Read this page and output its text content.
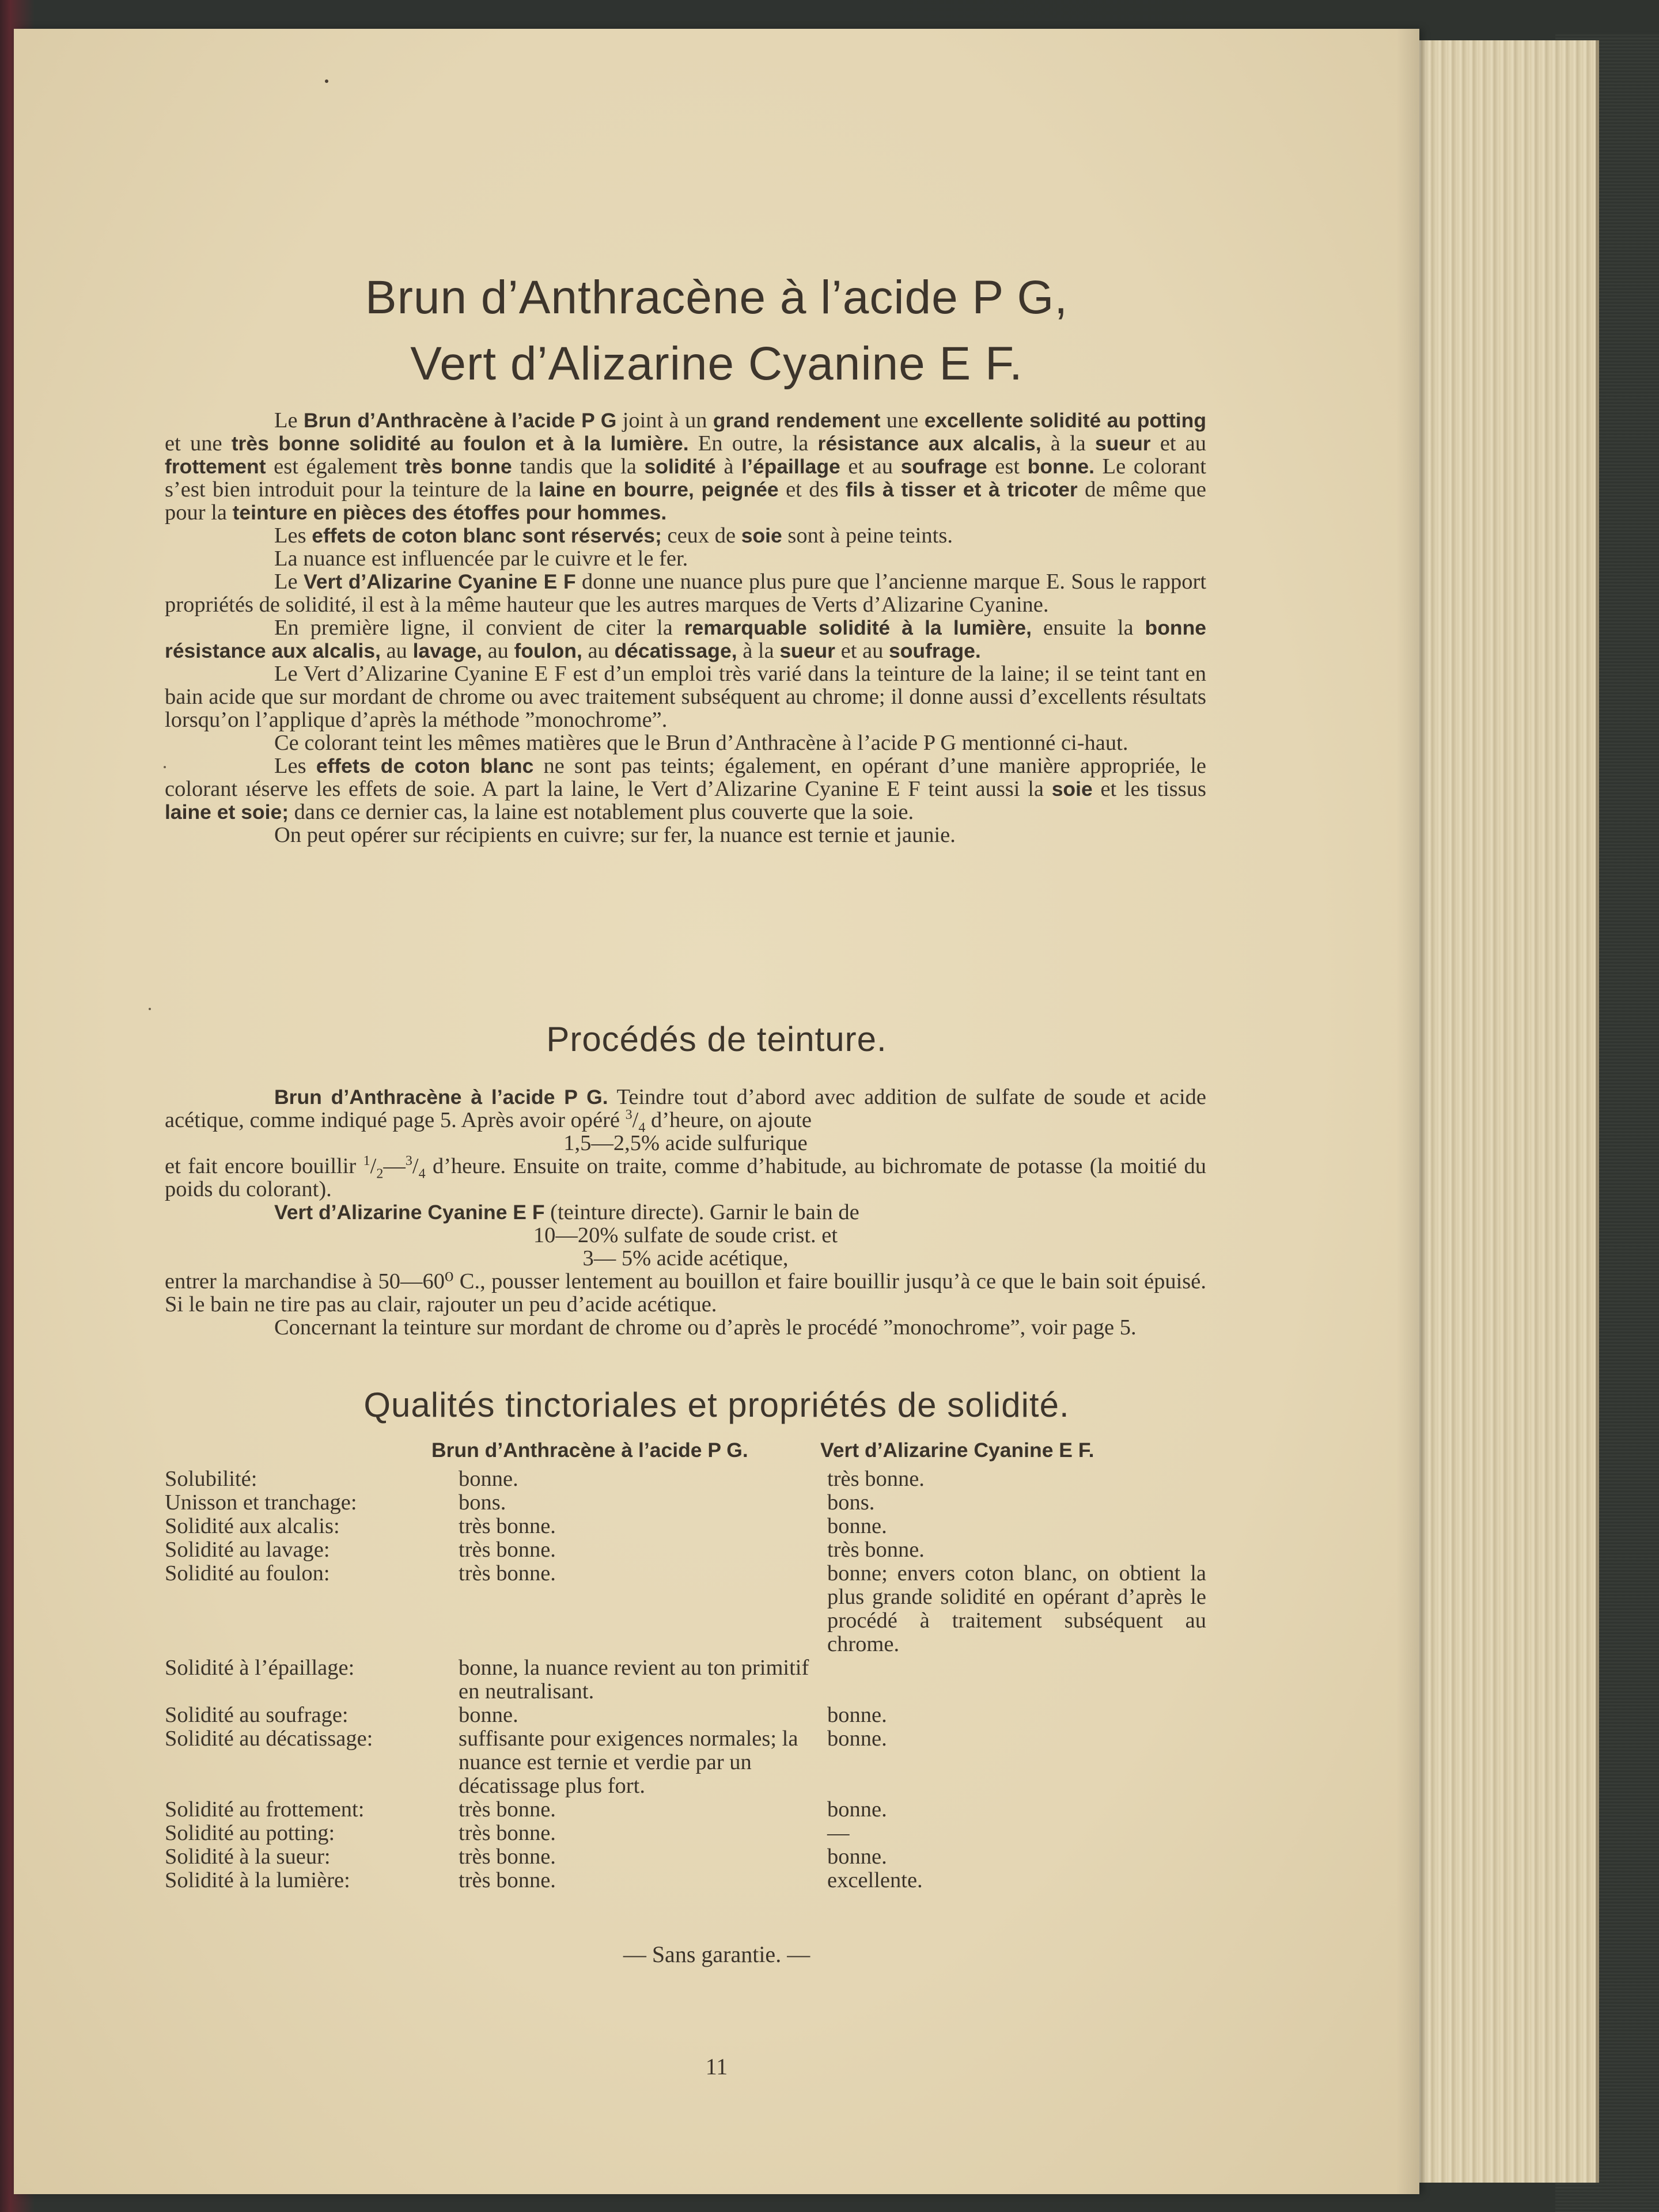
Brun d’Anthracène à l’acide P G,
Vert d’Alizarine Cyanine E F.

Le Brun d’Anthracène à l’acide P G joint à un grand rendement une excellente solidité au potting et une très bonne solidité au foulon et à la lumière. En outre, la résistance aux alcalis, à la sueur et au frottement est également très bonne tandis que la solidité à l’épaillage et au soufrage est bonne. Le colorant s’est bien introduit pour la teinture de la laine en bourre, peignée et des fils à tisser et à tricoter de même que pour la teinture en pièces des étoffes pour hommes.

Les effets de coton blanc sont réservés; ceux de soie sont à peine teints.

La nuance est influencée par le cuivre et le fer.

Le Vert d’Alizarine Cyanine E F donne une nuance plus pure que l’ancienne marque E. Sous le rapport propriétés de solidité, il est à la même hauteur que les autres marques de Verts d’Alizarine Cyanine.

En première ligne, il convient de citer la remarquable solidité à la lumière, ensuite la bonne résistance aux alcalis, au lavage, au foulon, au décatissage, à la sueur et au soufrage.

Le Vert d’Alizarine Cyanine E F est d’un emploi très varié dans la teinture de la laine; il se teint tant en bain acide que sur mordant de chrome ou avec traitement subséquent au chrome; il donne aussi d’excellents résultats lorsqu’on l’applique d’après la méthode ”monochrome”.

Ce colorant teint les mêmes matières que le Brun d’Anthracène à l’acide P G mentionné ci-haut.

Les effets de coton blanc ne sont pas teints; également, en opérant d’une manière appropriée, le colorant ıéserve les effets de soie. A part la laine, le Vert d’Alizarine Cyanine E F teint aussi la soie et les tissus laine et soie; dans ce dernier cas, la laine est notablement plus couverte que la soie.

On peut opérer sur récipients en cuivre; sur fer, la nuance est ternie et jaunie.

Procédés de teinture.

Brun d’Anthracène à l’acide P G. Teindre tout d’abord avec addition de sulfate de soude et acide acétique, comme indiqué page 5. Après avoir opéré $^3/_4$ d’heure, on ajoute

1,5—2,5% acide sulfurique

et fait encore bouillir $^1/_2—^3/_4$ d’heure. Ensuite on traite, comme d’habitude, au bichromate de potasse (la moitié du poids du colorant).

Vert d’Alizarine Cyanine E F (teinture directe). Garnir le bain de

10—20% sulfate de soude crist. et

3— 5% acide acétique,

entrer la marchandise à 50—60⁰ C., pousser lentement au bouillon et faire bouillir jusqu’à ce que le bain soit épuisé. Si le bain ne tire pas au clair, rajouter un peu d’acide acétique.

Concernant la teinture sur mordant de chrome ou d’après le procédé ”monochrome”, voir page 5.

Qualités tinctoriales et propriétés de solidité.
Brun d’Anthracène à l’acide P G.	Vert d’Alizarine Cyanine E F.
Solubilité:	bonne.	très bonne.
Unisson et tranchage:	bons.	bons.
Solidité aux alcalis:	très bonne.	bonne.
Solidité au lavage:	très bonne.	très bonne.
Solidité au foulon:	très bonne.	bonne; envers coton blanc, on obtient la plus grande solidité en opérant d’après le procédé à traitement subséquent au chrome.
Solidité à l’épaillage:	bonne, la nuance revient au ton primitif en neutralisant.	
Solidité au soufrage:	bonne.	bonne.
Solidité au décatissage:	suffisante pour exigences normales; la nuance est ternie et verdie par un décatissage plus fort.	bonne.
Solidité au frottement:	très bonne.	bonne.
Solidité au potting:	très bonne.	—
Solidité à la sueur:	très bonne.	bonne.
Solidité à la lumière:	très bonne.	excellente.
— Sans garantie. —
11
